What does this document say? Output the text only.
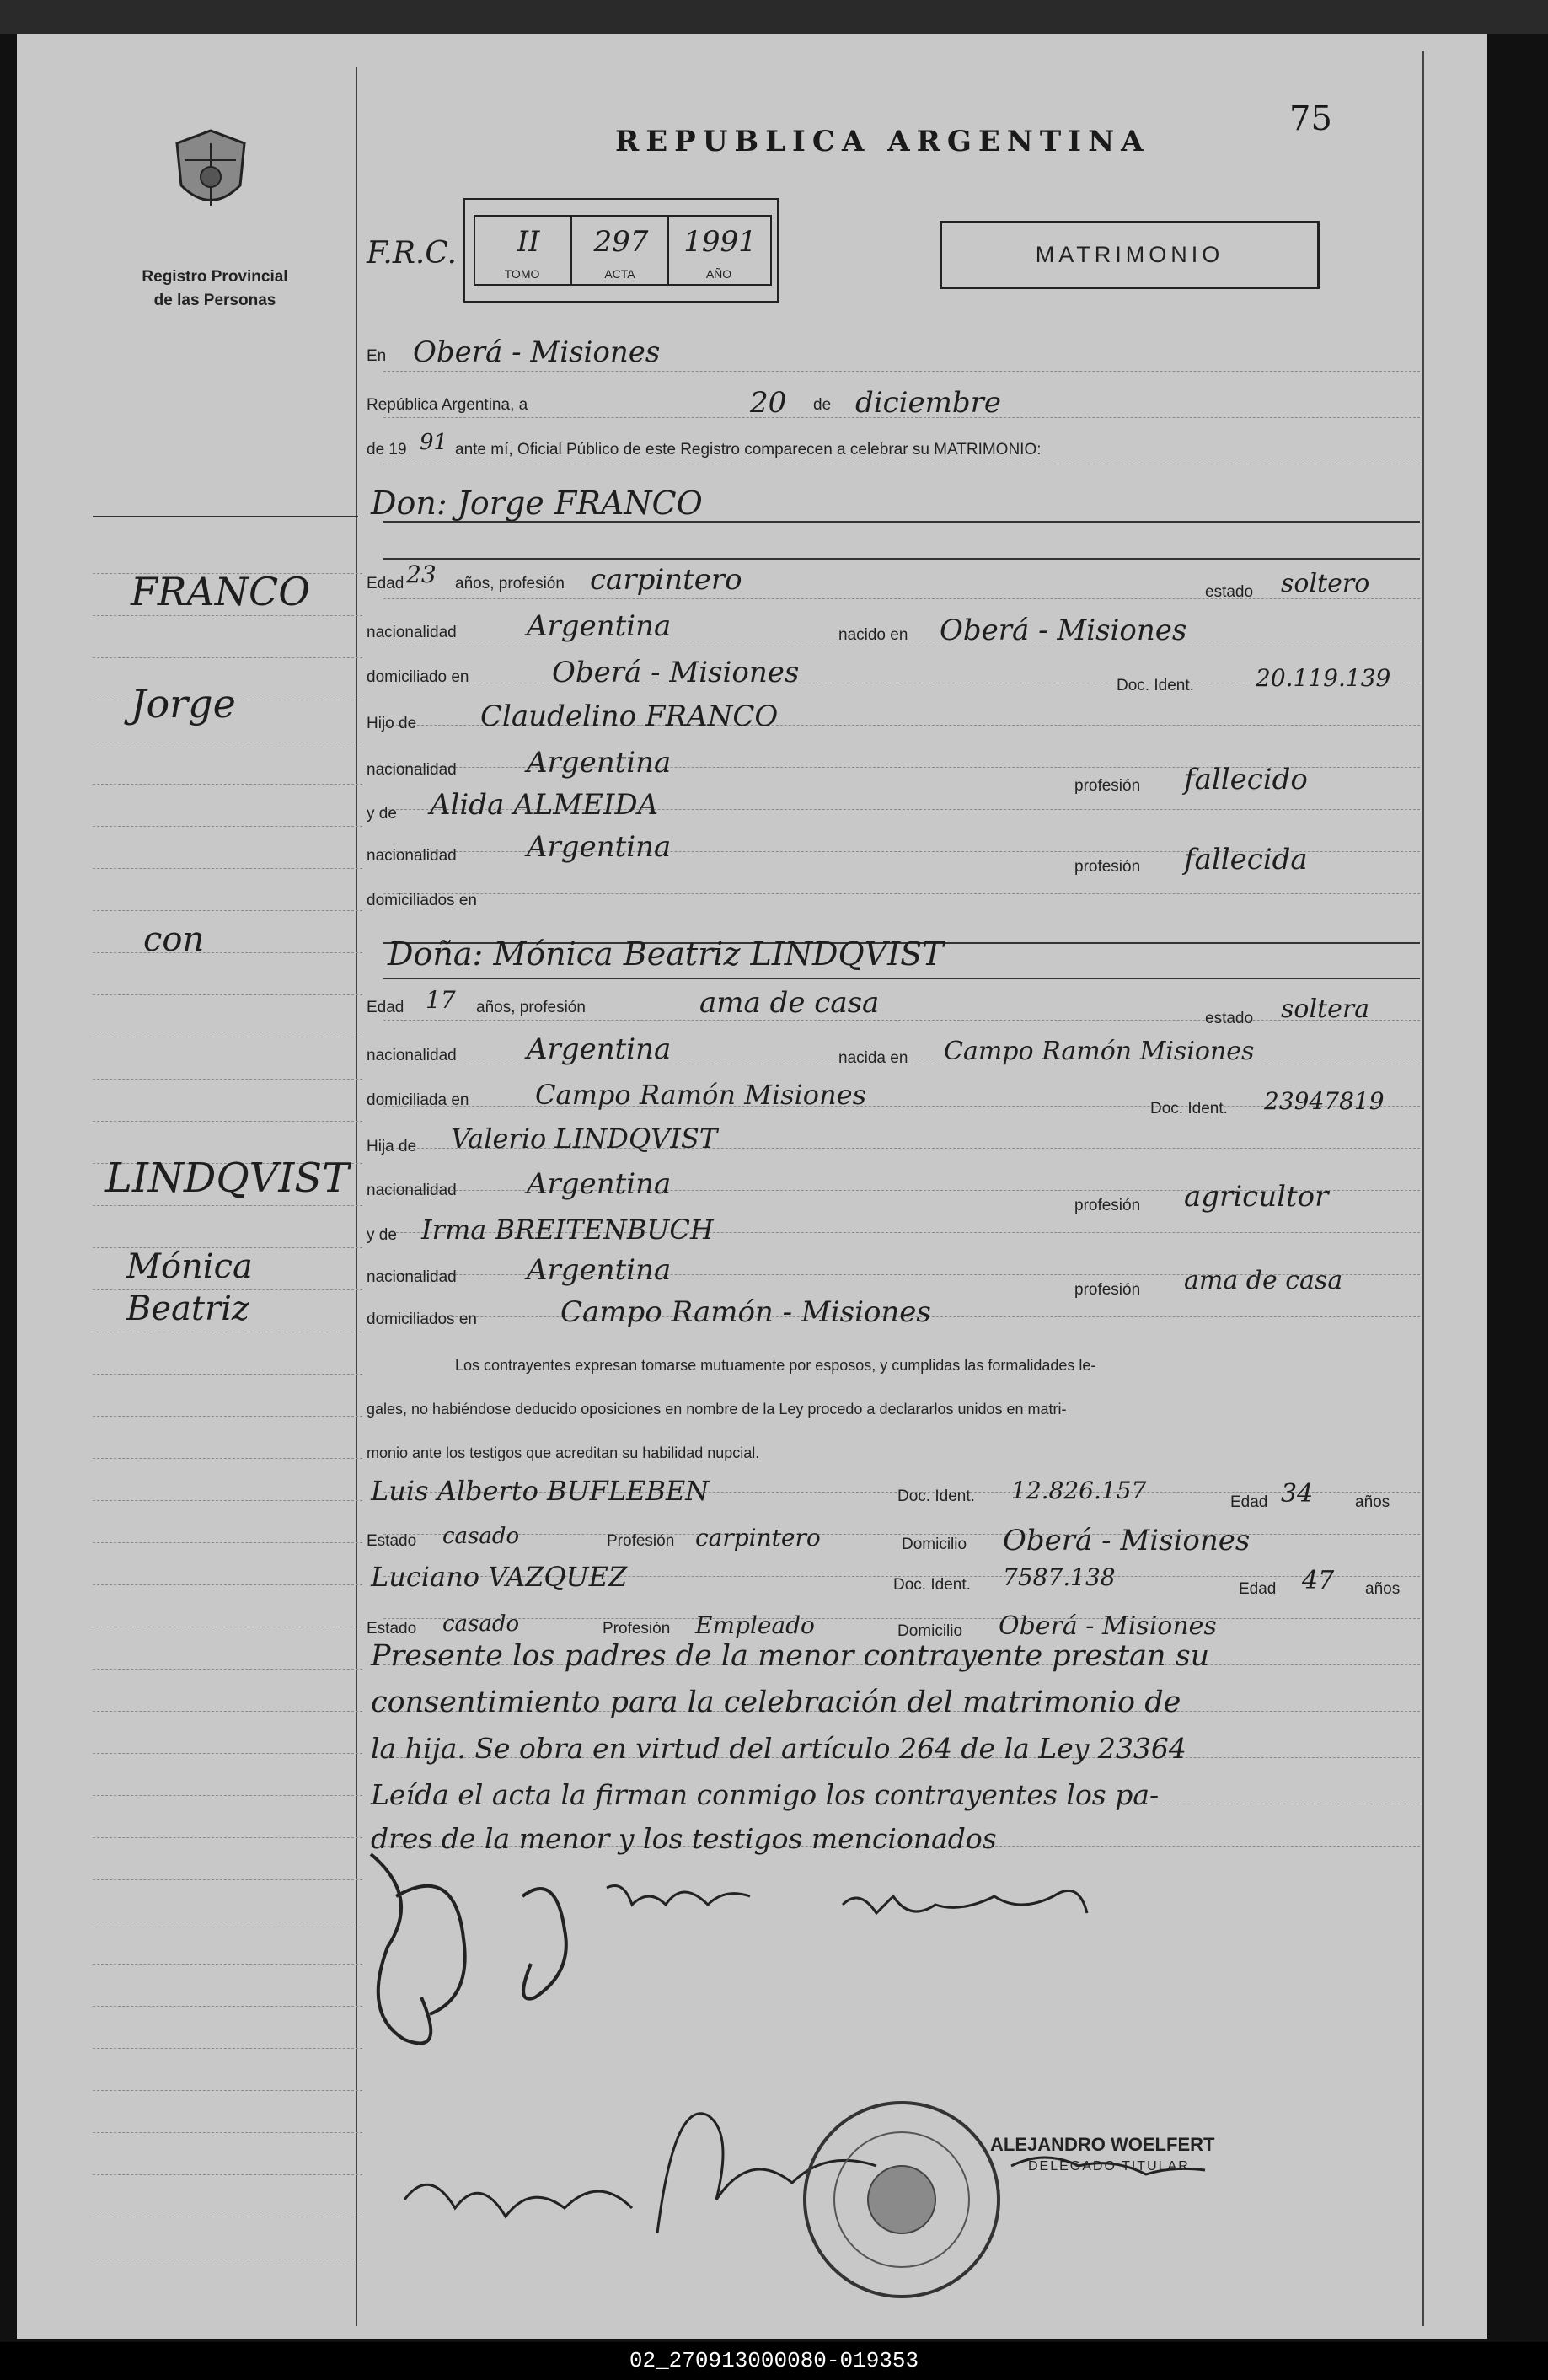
Registro Provincial
de las Personas
FRANCO
Jorge
con
LINDQVIST
Mónica
Beatriz
REPUBLICA ARGENTINA
75
F.R.C.	II	297	1991
TOMO	ACTA	AÑO
MATRIMONIO
En Oberá - Misiones
República Argentina, a	20 de diciembre
de 19 91 ante mí, Oficial Público de este Registro comparecen a celebrar su MATRIMONIO:
Don: Jorge FRANCO
Edad 23 años, profesión carpintero	estado soltero
nacionalidad Argentina	nacido en Oberá - Misiones
domiciliado en	Oberá - Misiones	Doc. Ident.	20.119.139
Hijo de Claudelino FRANCO
nacionalidad Argentina
profesión fallecido
y de Alida ALMEIDA
nacionalidad Argentina
profesión fallecida
domiciliados en
Doña: Mónica Beatriz LINDQVIST
Edad 17 años, profesión	ama de casa	estado soltera
nacionalidad Argentina	nacida en Campo Ramón Misiones
domiciliada en Campo Ramón Misiones	Doc. Ident. 23947819
Hija de Valerio LINDQVIST
nacionalidad Argentina
profesión agricultor
y de Irma BREITENBUCH
nacionalidad Argentina
profesión ama de casa
domiciliados en	Campo Ramón - Misiones
Los contrayentes expresan tomarse mutuamente por esposos, y cumplidas las formalidades le-
gales, no habiéndose deducido oposiciones en nombre de la Ley procedo a declararlos unidos en matri-
monio ante los testigos que acreditan su habilidad nupcial.
Luis Alberto BUFLEBEN	Doc. Ident. 12.826.157	Edad 34	años
Estado casado	Profesión carpintero	Domicilio Oberá - Misiones
Luciano VAZQUEZ	Doc. Ident. 7587.138	Edad 47 años
Estado casado	Profesión Empleado	Domicilio Oberá - Misiones
Presente los padres de la menor contrayente prestan su
consentimiento para la celebración del matrimonio de
la hija. Se obra en virtud del artículo 264 de la Ley 23364
Leída el acta la firman conmigo los contrayentes los pa-
dres de la menor y los testigos mencionados
ALEJANDRO WOELFERT
DELEGADO TITULAR
02_270913000080-019353
